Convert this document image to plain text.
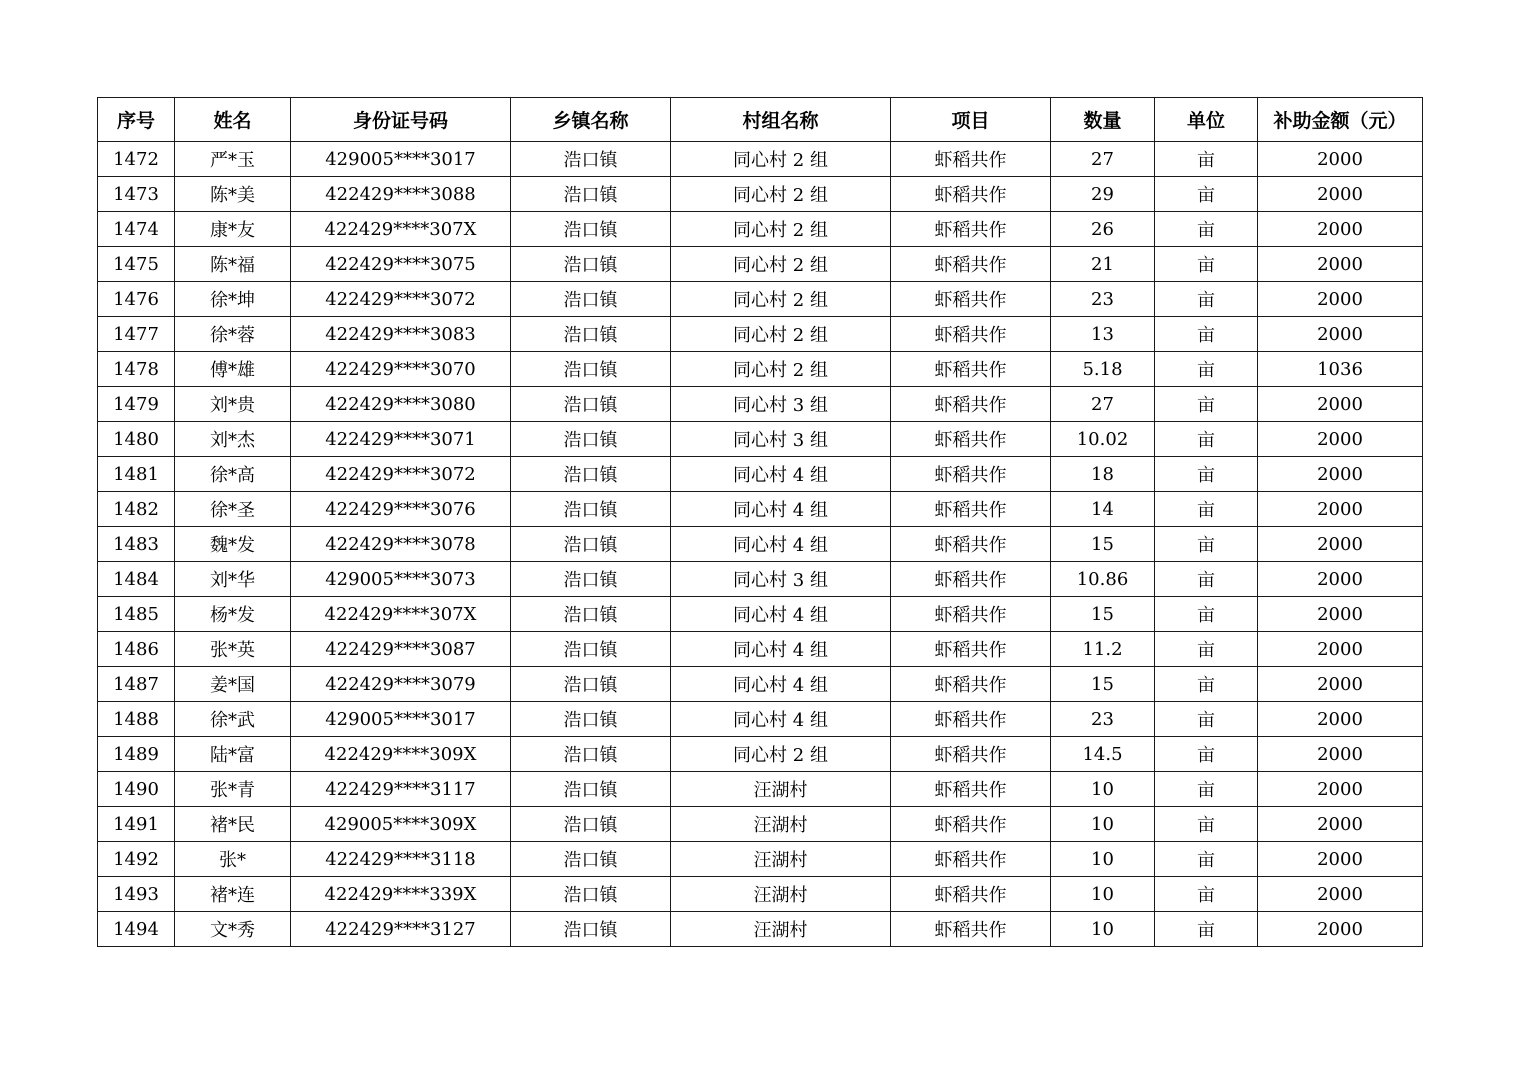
序号	姓名	身份证号码	乡镇名称	村组名称	项目	数量	单位	补助金额（元）
1472	严*玉	429005****3017	浩口镇	同心村 2 组	虾稻共作	27	亩	2000
1473	陈*美	422429****3088	浩口镇	同心村 2 组	虾稻共作	29	亩	2000
1474	康*友	422429****307X	浩口镇	同心村 2 组	虾稻共作	26	亩	2000
1475	陈*福	422429****3075	浩口镇	同心村 2 组	虾稻共作	21	亩	2000
1476	徐*坤	422429****3072	浩口镇	同心村 2 组	虾稻共作	23	亩	2000
1477	徐*蓉	422429****3083	浩口镇	同心村 2 组	虾稻共作	13	亩	2000
1478	傅*雄	422429****3070	浩口镇	同心村 2 组	虾稻共作	5.18	亩	1036
1479	刘*贵	422429****3080	浩口镇	同心村 3 组	虾稻共作	27	亩	2000
1480	刘*杰	422429****3071	浩口镇	同心村 3 组	虾稻共作	10.02	亩	2000
1481	徐*高	422429****3072	浩口镇	同心村 4 组	虾稻共作	18	亩	2000
1482	徐*圣	422429****3076	浩口镇	同心村 4 组	虾稻共作	14	亩	2000
1483	魏*发	422429****3078	浩口镇	同心村 4 组	虾稻共作	15	亩	2000
1484	刘*华	429005****3073	浩口镇	同心村 3 组	虾稻共作	10.86	亩	2000
1485	杨*发	422429****307X	浩口镇	同心村 4 组	虾稻共作	15	亩	2000
1486	张*英	422429****3087	浩口镇	同心村 4 组	虾稻共作	11.2	亩	2000
1487	姜*国	422429****3079	浩口镇	同心村 4 组	虾稻共作	15	亩	2000
1488	徐*武	429005****3017	浩口镇	同心村 4 组	虾稻共作	23	亩	2000
1489	陆*富	422429****309X	浩口镇	同心村 2 组	虾稻共作	14.5	亩	2000
1490	张*青	422429****3117	浩口镇	汪湖村	虾稻共作	10	亩	2000
1491	褚*民	429005****309X	浩口镇	汪湖村	虾稻共作	10	亩	2000
1492	张*	422429****3118	浩口镇	汪湖村	虾稻共作	10	亩	2000
1493	褚*连	422429****339X	浩口镇	汪湖村	虾稻共作	10	亩	2000
1494	文*秀	422429****3127	浩口镇	汪湖村	虾稻共作	10	亩	2000
